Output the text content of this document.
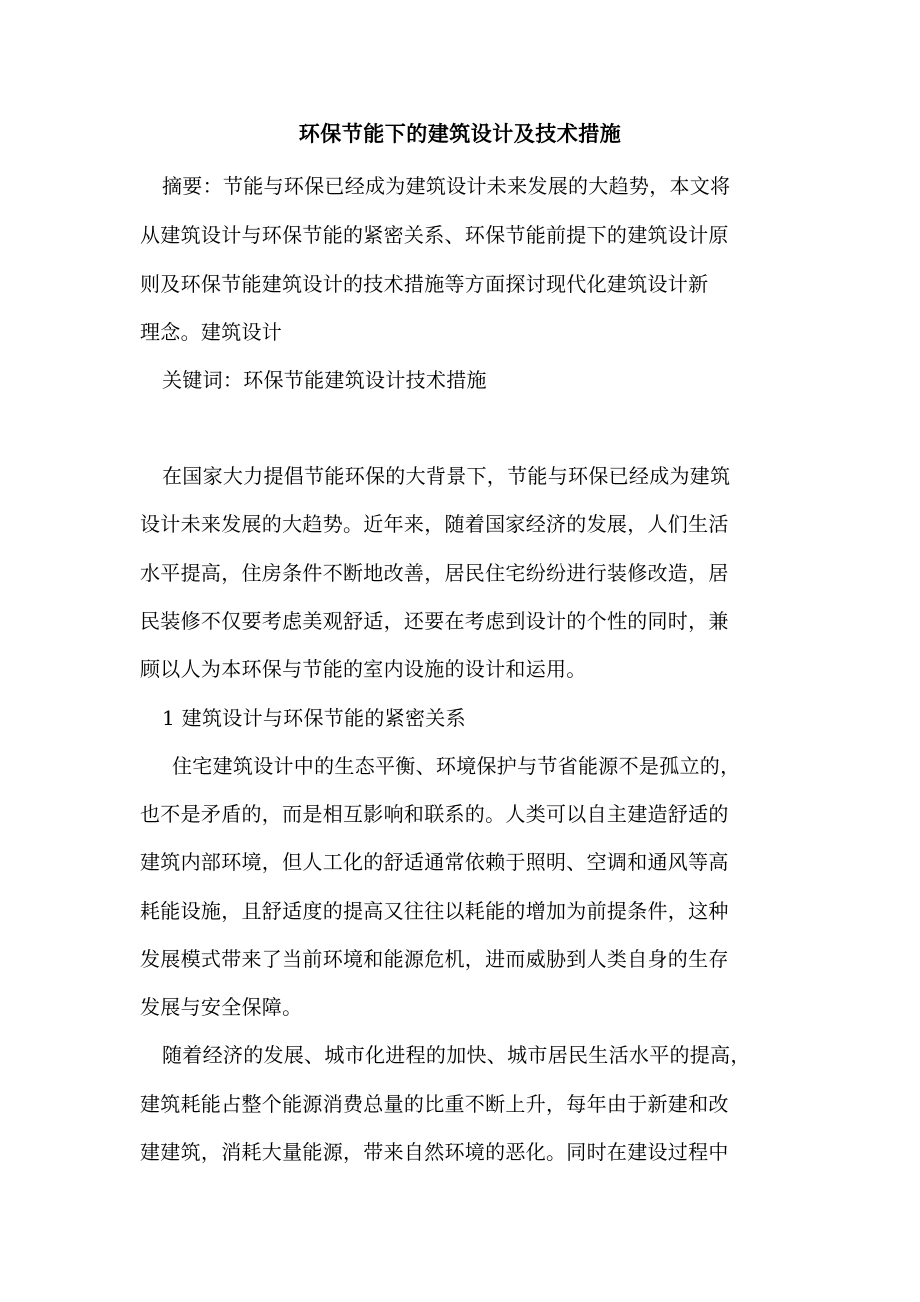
环保节能下的建筑设计及技术措施
摘要：节能与环保已经成为建筑设计未来发展的大趋势，本文将
从建筑设计与环保节能的紧密关系、环保节能前提下的建筑设计原
则及环保节能建筑设计的技术措施等方面探讨现代化建筑设计新
理念。建筑设计
关键词：环保节能建筑设计技术措施
在国家大力提倡节能环保的大背景下，节能与环保已经成为建筑
设计未来发展的大趋势。近年来，随着国家经济的发展，人们生活
水平提高，住房条件不断地改善，居民住宅纷纷进行装修改造，居
民装修不仅要考虑美观舒适，还要在考虑到设计的个性的同时，兼
顾以人为本环保与节能的室内设施的设计和运用。
1 建筑设计与环保节能的紧密关系
住宅建筑设计中的生态平衡、环境保护与节省能源不是孤立的，
也不是矛盾的，而是相互影响和联系的。人类可以自主建造舒适的
建筑内部环境，但人工化的舒适通常依赖于照明、空调和通风等高
耗能设施，且舒适度的提高又往往以耗能的增加为前提条件，这种
发展模式带来了当前环境和能源危机，进而威胁到人类自身的生存
发展与安全保障。
随着经济的发展、城市化进程的加快、城市居民生活水平的提高，
建筑耗能占整个能源消费总量的比重不断上升，每年由于新建和改
建建筑，消耗大量能源，带来自然环境的恶化。同时在建设过程中
